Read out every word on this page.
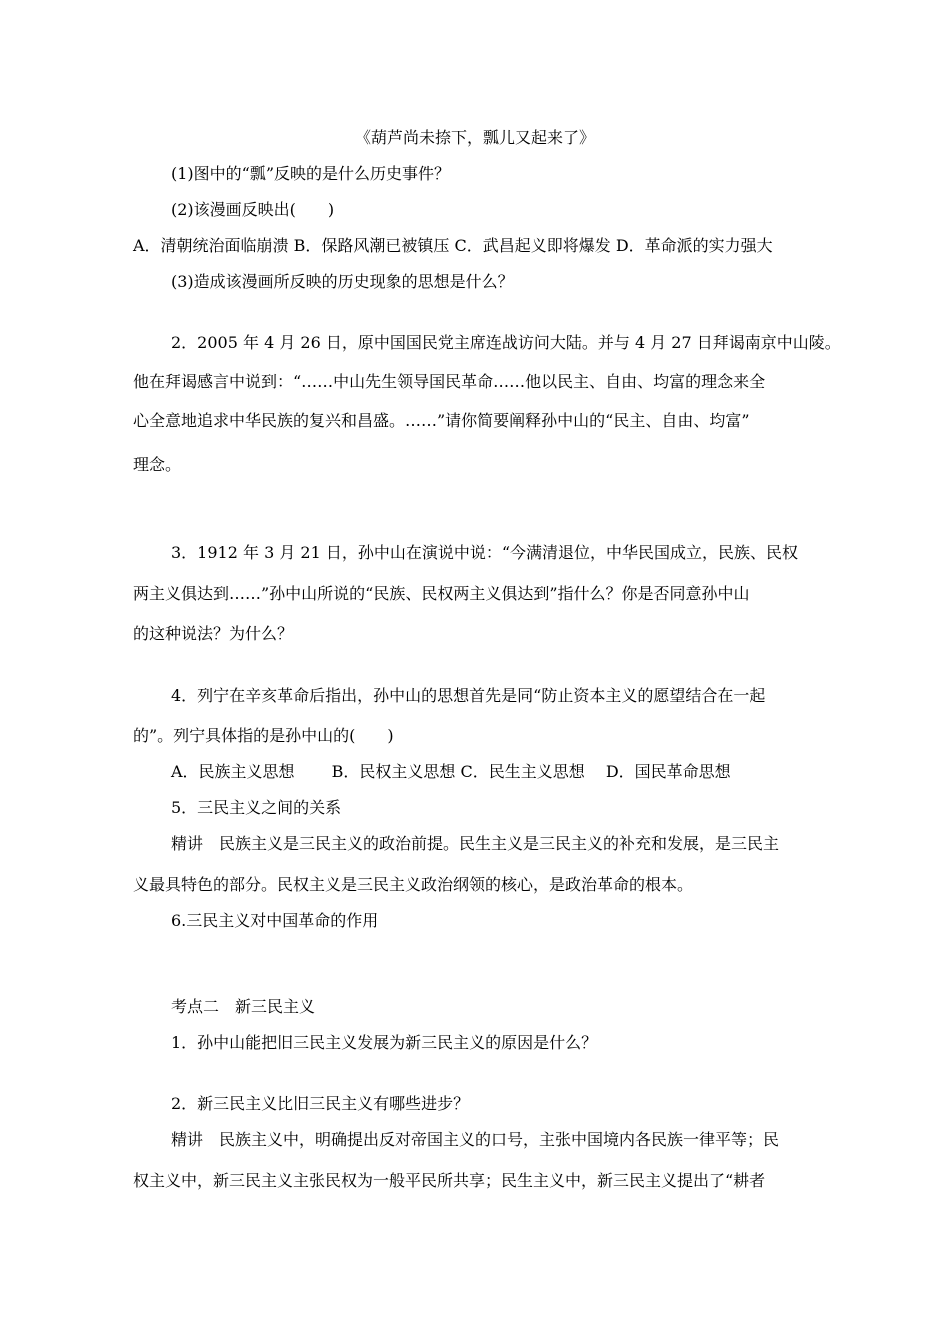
《葫芦尚未捺下，瓢儿又起来了》
(1)图中的“瓢”反映的是什么历史事件？
(2)该漫画反映出(　　)
A．清朝统治面临崩溃 B．保路风潮已被镇压 C．武昌起义即将爆发 D．革命派的实力强大
(3)造成该漫画所反映的历史现象的思想是什么？
2．2005 年 4 月 26 日，原中国国民党主席连战访问大陆。并与 4 月 27 日拜谒南京中山陵。
他在拜谒感言中说到：“……中山先生领导国民革命……他以民主、自由、均富的理念来全
心全意地追求中华民族的复兴和昌盛。……”请你简要阐释孙中山的“民主、自由、均富”
理念。
3．1912 年 3 月 21 日，孙中山在演说中说：“今满清退位，中华民国成立，民族、民权
两主义俱达到……”孙中山所说的“民族、民权两主义俱达到”指什么？你是否同意孙中山
的这种说法？为什么？
4．列宁在辛亥革命后指出，孙中山的思想首先是同“防止资本主义的愿望结合在一起
的”。列宁具体指的是孙中山的(　　)
A．民族主义思想　　 B．民权主义思想 C．民生主义思想　 D．国民革命思想
5．三民主义之间的关系
精讲　民族主义是三民主义的政治前提。民生主义是三民主义的补充和发展，是三民主
义最具特色的部分。民权主义是三民主义政治纲领的核心，是政治革命的根本。
6.三民主义对中国革命的作用
考点二　新三民主义
1．孙中山能把旧三民主义发展为新三民主义的原因是什么？
2．新三民主义比旧三民主义有哪些进步？
精讲　民族主义中，明确提出反对帝国主义的口号，主张中国境内各民族一律平等；民
权主义中，新三民主义主张民权为一般平民所共享；民生主义中，新三民主义提出了“耕者
